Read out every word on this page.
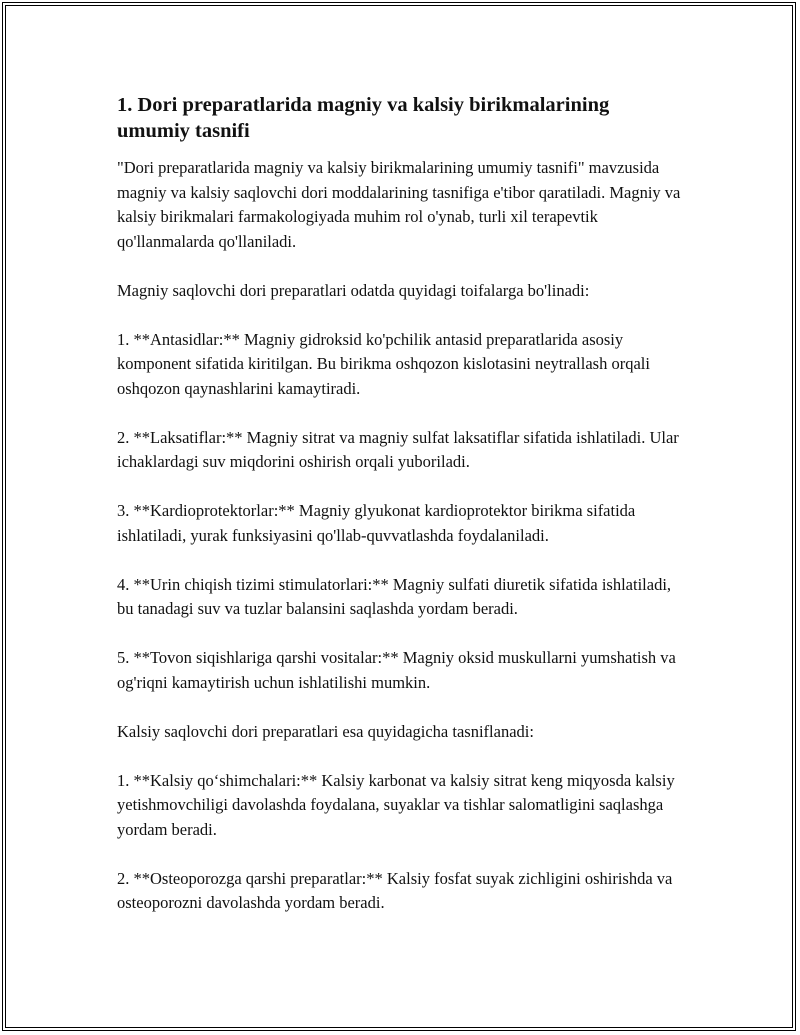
1. Dori preparatlarida magniy va kalsiy birikmalarining umumiy tasnifi

"Dori preparatlarida magniy va kalsiy birikmalarining umumiy tasnifi" mavzusida magniy va kalsiy saqlovchi dori moddalarining tasnifiga e'tibor qaratiladi. Magniy va kalsiy birikmalari farmakologiyada muhim rol o'ynab, turli xil terapevtik qo'llanmalarda qo'llaniladi.

Magniy saqlovchi dori preparatlari odatda quyidagi toifalarga bo'linadi:

1. **Antasidlar:** Magniy gidroksid ko'pchilik antasid preparatlarida asosiy komponent sifatida kiritilgan. Bu birikma oshqozon kislotasini neytrallash orqali oshqozon qaynashlarini kamaytiradi.

2. **Laksatiflar:** Magniy sitrat va magniy sulfat laksatiflar sifatida ishlatiladi. Ular ichaklardagi suv miqdorini oshirish orqali yuboriladi.

3. **Kardioprotektorlar:** Magniy glyukonat kardioprotektor birikma sifatida ishlatiladi, yurak funksiyasini qo'llab-quvvatlashda foydalaniladi.

4. **Urin chiqish tizimi stimulatorlari:** Magniy sulfati diuretik sifatida ishlatiladi, bu tanadagi suv va tuzlar balansini saqlashda yordam beradi.

5. **Tovon siqishlariga qarshi vositalar:** Magniy oksid muskullarni yumshatish va og'riqni kamaytirish uchun ishlatilishi mumkin.

Kalsiy saqlovchi dori preparatlari esa quyidagicha tasniflanadi:

1. **Kalsiy qo‘shimchalari:** Kalsiy karbonat va kalsiy sitrat keng miqyosda kalsiy yetishmovchiligi davolashda foydalana, suyaklar va tishlar salomatligini saqlashga yordam beradi.

2. **Osteoporozga qarshi preparatlar:** Kalsiy fosfat suyak zichligini oshirishda va osteoporozni davolashda yordam beradi.
